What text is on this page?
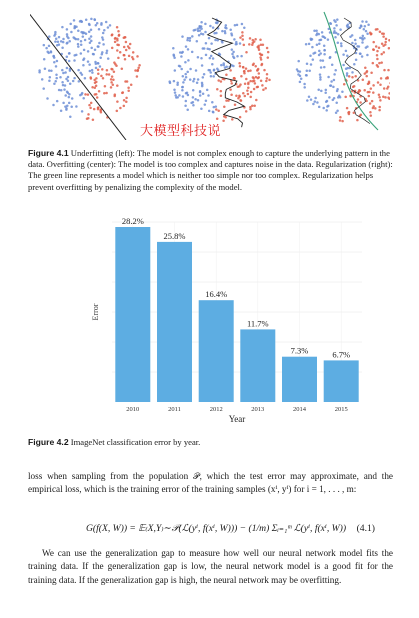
大模型科技说
Figure 4.1 Underfitting (left): The model is not complex enough to capture the underlying pattern in the data. Overfitting (center): The model is too complex and captures noise in the data. Regularization (right): The green line represents a model which is neither too simple nor too complex. Regularization helps prevent overfitting by penalizing the complexity of the model.
28.2%
2010
25.8%
2011
16.4%
2012
11.7%
2013
7.3%
2014
6.7%
2015
Year
Error
Figure 4.2 ImageNet classification error by year.
loss when sampling from the population 𝒫, which the test error may approximate, and the empirical loss, which is the training error of the training samples (xⁱ, yⁱ) for i = 1, . . . , m:
G(f(X, W)) = 𝔼₍X,Y₎∼𝒫(ℒ(yⁱ, f(xⁱ, W))) − (1/m) Σᵢ₌₁ᵐ ℒ(yⁱ, f(xⁱ, W)) (4.1)
We can use the generalization gap to measure how well our neural network model fits the training data. If the generalization gap is low, the neural network model is a good fit for the training data. If the generalization gap is high, the neural network may be overfitting.
